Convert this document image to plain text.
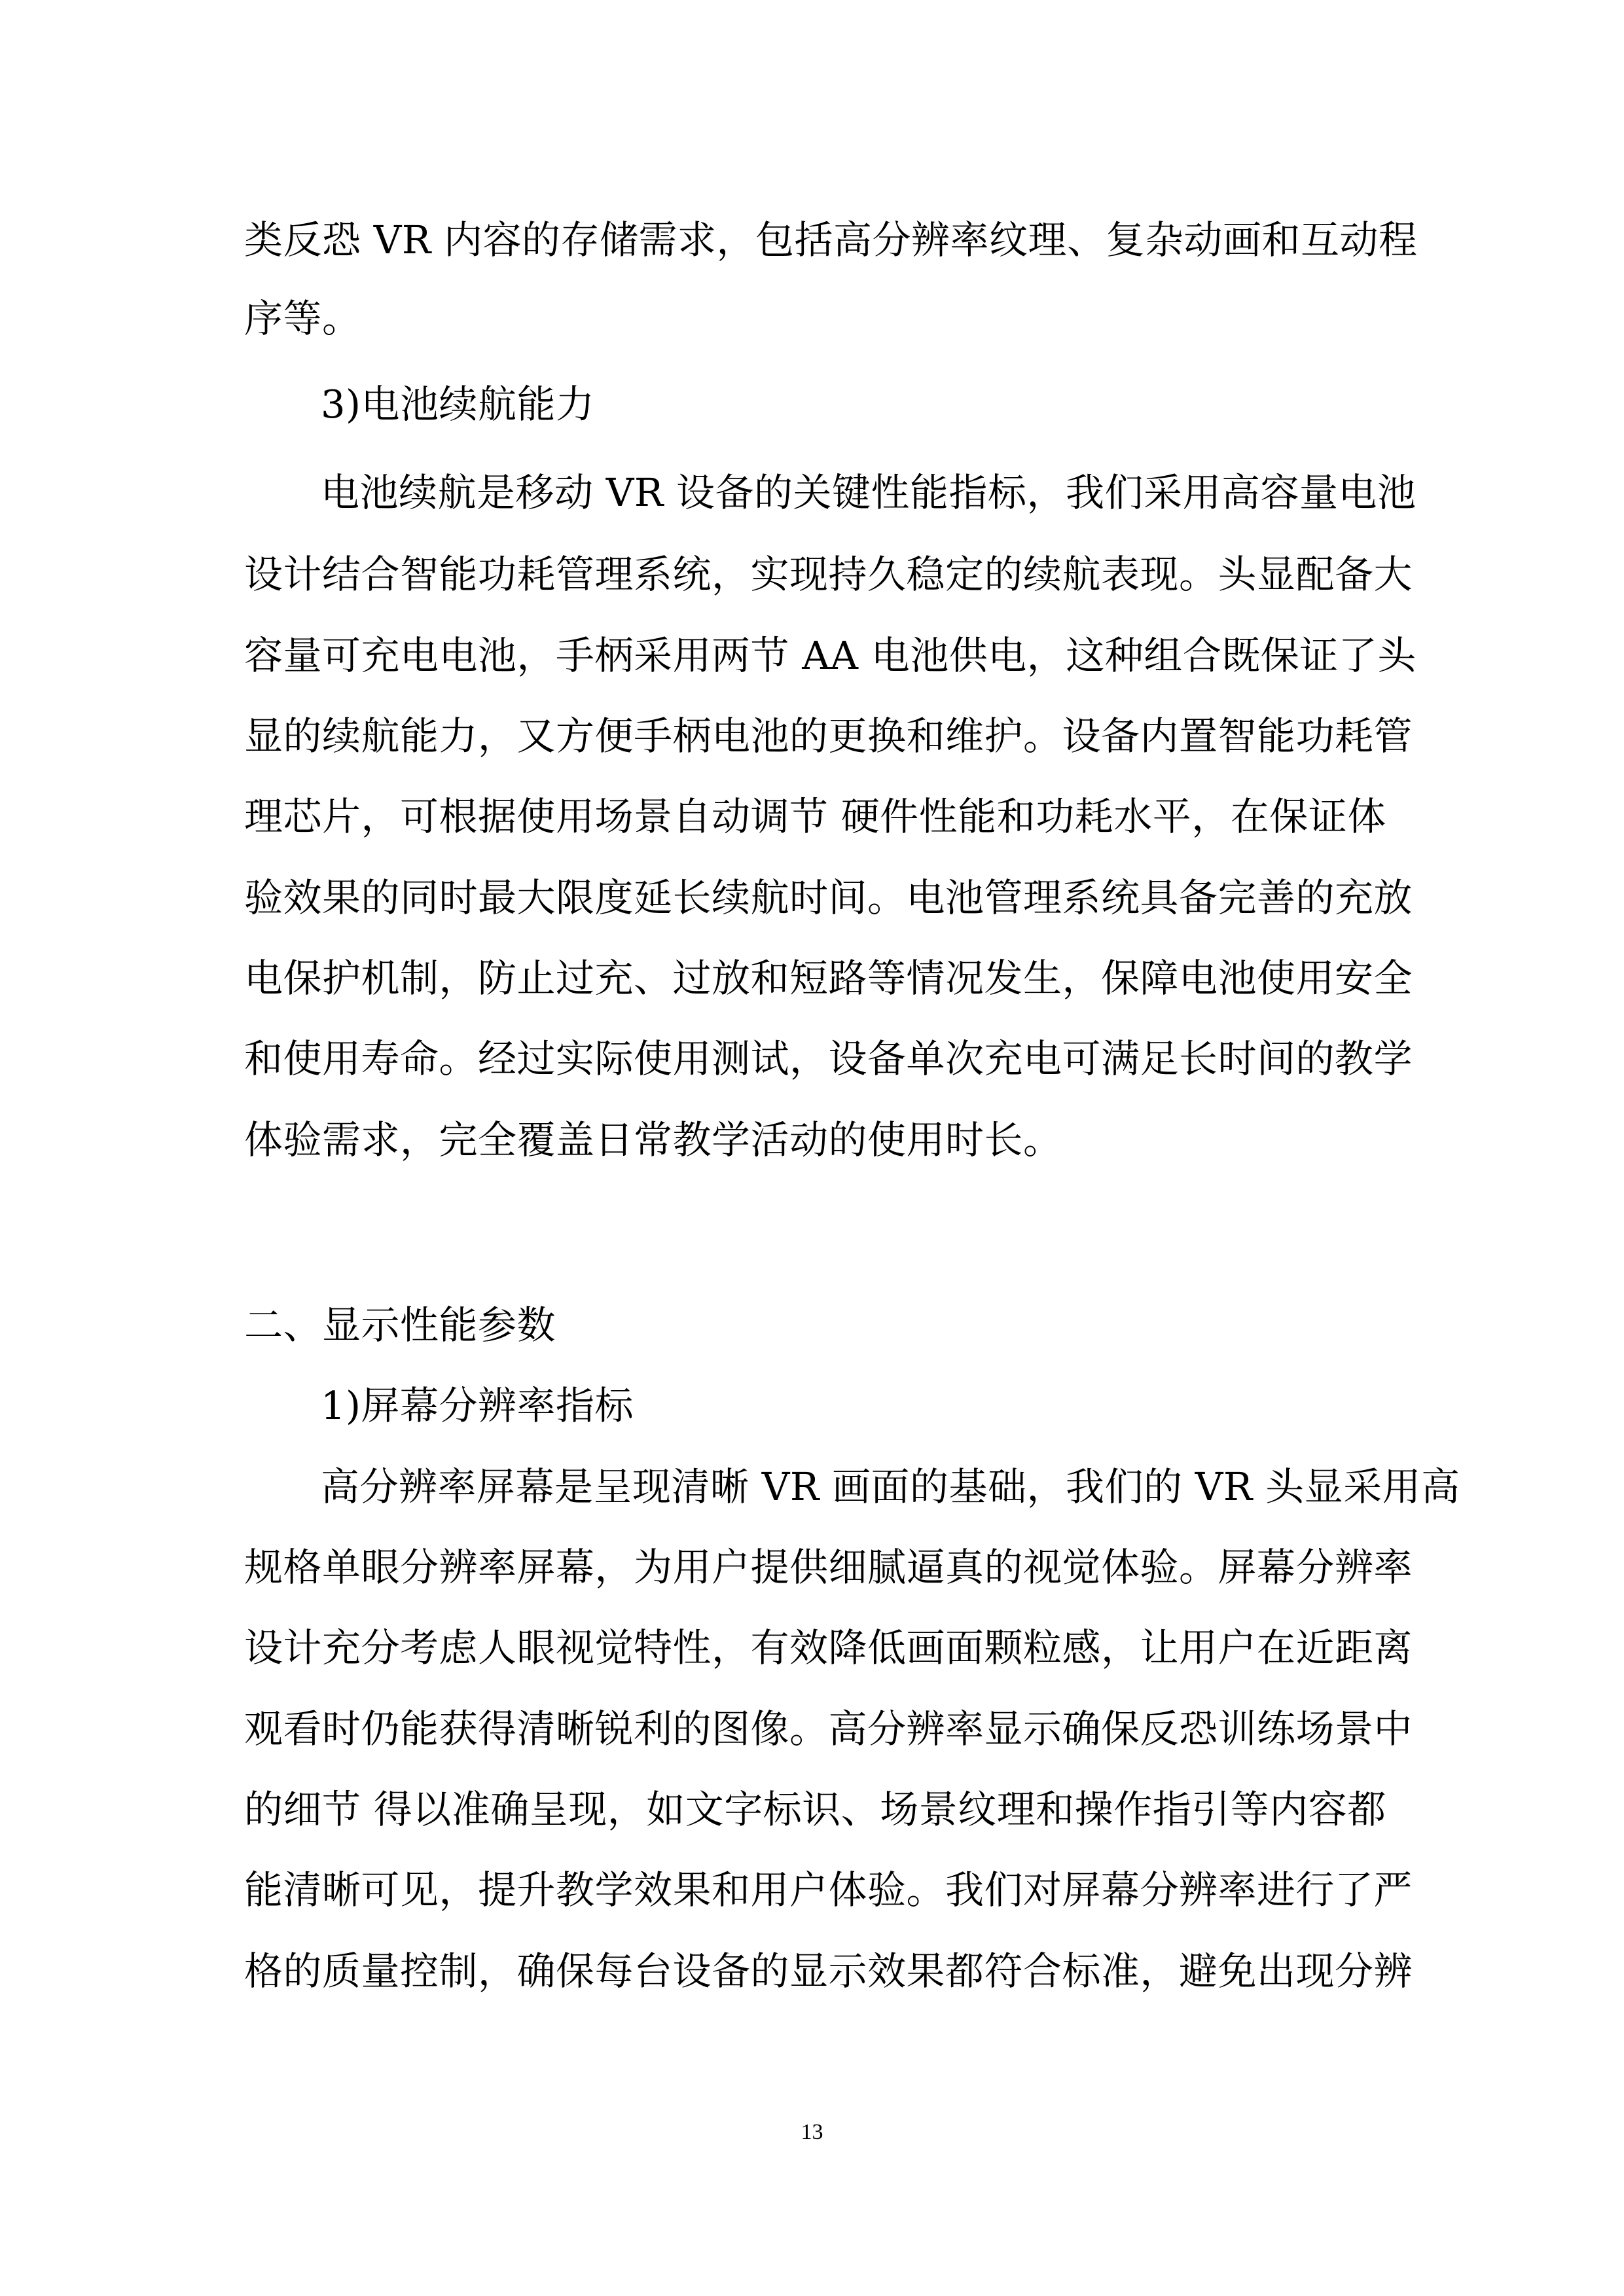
类反恐 VR 内容的存储需求，包括高分辨率纹理、复杂动画和互动程
序等。
3)电池续航能力
电池续航是移动 VR 设备的关键性能指标，我们采用高容量电池
设计结合智能功耗管理系统，实现持久稳定的续航表现。头显配备大
容量可充电电池，手柄采用两节 AA 电池供电，这种组合既保证了头
显的续航能力，又方便手柄电池的更换和维护。设备内置智能功耗管
理芯片，可根据使用场景自动调节 硬件性能和功耗水平，在保证体
验效果的同时最大限度延长续航时间。电池管理系统具备完善的充放
电保护机制，防止过充、过放和短路等情况发生，保障电池使用安全
和使用寿命。经过实际使用测试，设备单次充电可满足长时间的教学
体验需求，完全覆盖日常教学活动的使用时长。
二、显示性能参数
1)屏幕分辨率指标
高分辨率屏幕是呈现清晰 VR 画面的基础，我们的 VR 头显采用高
规格单眼分辨率屏幕，为用户提供细腻逼真的视觉体验。屏幕分辨率
设计充分考虑人眼视觉特性，有效降低画面颗粒感，让用户在近距离
观看时仍能获得清晰锐利的图像。高分辨率显示确保反恐训练场景中
的细节 得以准确呈现，如文字标识、场景纹理和操作指引等内容都
能清晰可见，提升教学效果和用户体验。我们对屏幕分辨率进行了严
格的质量控制，确保每台设备的显示效果都符合标准，避免出现分辨
13
